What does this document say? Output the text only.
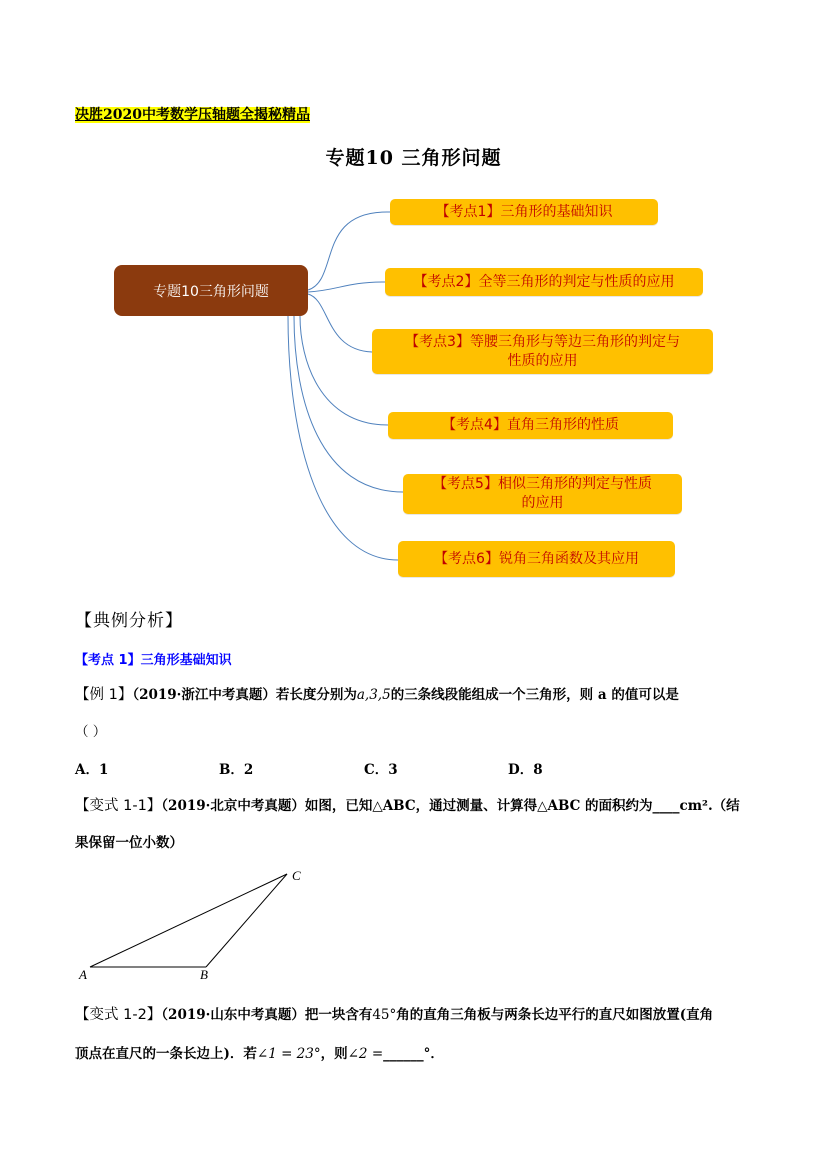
决胜2020中考数学压轴题全揭秘精品
专题10 三角形问题
专题10三角形问题
【考点1】三角形的基础知识
【考点2】全等三角形的判定与性质的应用
【考点3】等腰三角形与等边三角形的判定与
性质的应用
【考点4】直角三角形的性质
【考点5】相似三角形的判定与性质
的应用
【考点6】锐角三角函数及其应用
【典例分析】
【考点 1】三角形基础知识
【例 1】（2019·浙江中考真题）若长度分别为a,3,5的三条线段能组成一个三角形，则 a 的值可以是
（ ）
A．1	B．2	C．3	D．8
【变式 1-1】（2019·北京中考真题）如图，已知△ABC，通过测量、计算得△ABC 的面积约为____cm².（结
果保留一位小数）
A	B
C
【变式 1-2】（2019·山东中考真题）把一块含有45°角的直角三角板与两条长边平行的直尺如图放置(直角
顶点在直尺的一条长边上)．若∠1 = 23°，则∠2 =______°．
